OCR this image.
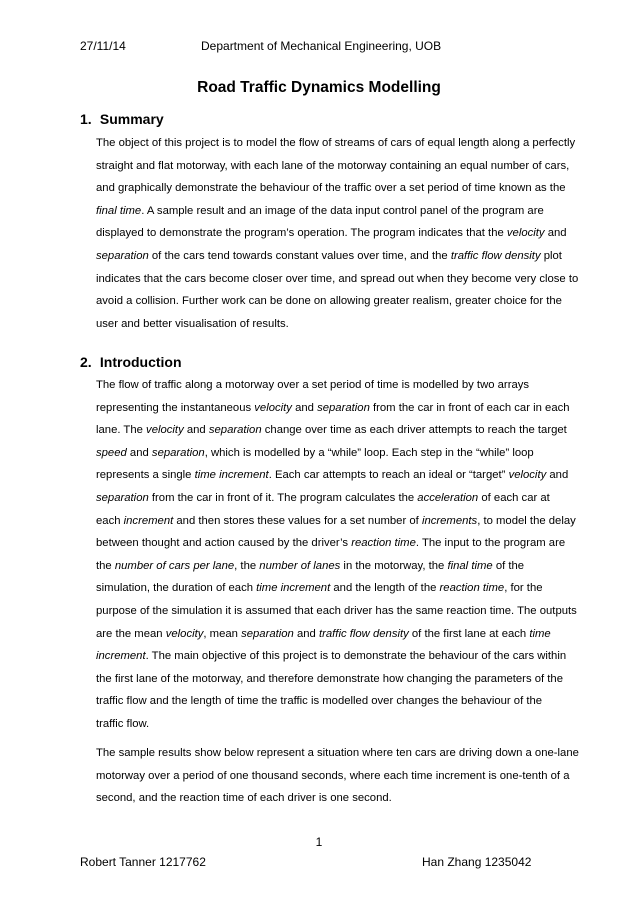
27/11/14	Department of Mechanical Engineering, UOB
Road Traffic Dynamics Modelling
1. Summary
The object of this project is to model the flow of streams of cars of equal length along a perfectly
straight and flat motorway, with each lane of the motorway containing an equal number of cars,
and graphically demonstrate the behaviour of the traffic over a set period of time known as the
final time. A sample result and an image of the data input control panel of the program are
displayed to demonstrate the program’s operation. The program indicates that the velocity and
separation of the cars tend towards constant values over time, and the traffic flow density plot
indicates that the cars become closer over time, and spread out when they become very close to
avoid a collision. Further work can be done on allowing greater realism, greater choice for the
user and better visualisation of results.
2. Introduction
The flow of traffic along a motorway over a set period of time is modelled by two arrays
representing the instantaneous velocity and separation from the car in front of each car in each
lane. The velocity and separation change over time as each driver attempts to reach the target
speed and separation, which is modelled by a “while” loop. Each step in the “while” loop
represents a single time increment. Each car attempts to reach an ideal or “target” velocity and
separation from the car in front of it. The program calculates the acceleration of each car at
each increment and then stores these values for a set number of increments, to model the delay
between thought and action caused by the driver’s reaction time. The input to the program are
the number of cars per lane, the number of lanes in the motorway, the final time of the
simulation, the duration of each time increment and the length of the reaction time, for the
purpose of the simulation it is assumed that each driver has the same reaction time. The outputs
are the mean velocity, mean separation and traffic flow density of the first lane at each time
increment. The main objective of this project is to demonstrate the behaviour of the cars within
the first lane of the motorway, and therefore demonstrate how changing the parameters of the
traffic flow and the length of time the traffic is modelled over changes the behaviour of the
traffic flow.
The sample results show below represent a situation where ten cars are driving down a one-lane
motorway over a period of one thousand seconds, where each time increment is one-tenth of a
second, and the reaction time of each driver is one second.
1
Robert Tanner 1217762	Han Zhang 1235042
